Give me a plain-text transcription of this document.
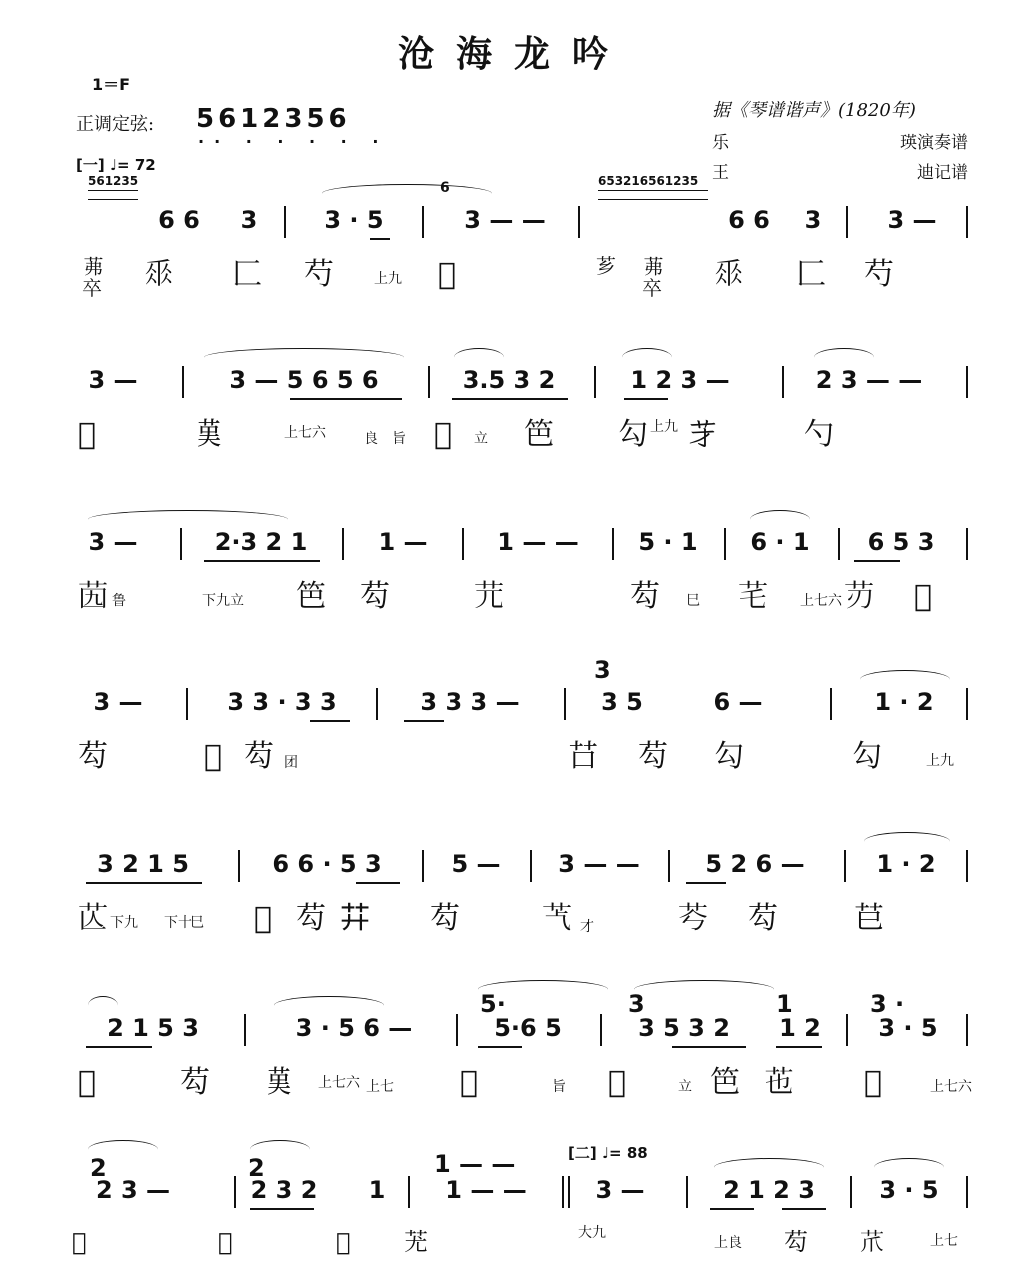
沧海龙吟
1＝F
正调定弦: 5612356
·· · · · · ·
据《琴谱谐声》(1820年)
乐	瑛演奏谱
王	迪记谱
[一] ♩= 72
[二] ♩= 88
561235	653216561235
6
3
5·	3	1	3 ·
2	2	1 — —
6 6	3	3 · 5	3 — —	6 6	3	3 —
茀
卒 𠂹 匚 芍	上九 𦬀	芗 茀
卒 𠂹 匚 芍
3 —	3 — 5 6 5 6	3.5 3 2	1 2 3 —	2 3 — —
𦬀	𦰩	上七六	良 旨 𦰧 立 笆 勾 上九 𦬁	勺
3 —	2·3 2 1	1 —	1 — —	5 · 1	6 · 1	6 5 3
𦭉 鲁	下九立 笆 芶	𦬂	芶 巳 𦬃 上七六 𦬄 𦬀
3 —	3 3 · 3 3	3 3 3 —	3 5	6 —	1 · 2
芶	𦬀 芶 团	𦬅 芶 勾	勾	上九
3 2 1 5	6 6 · 5 3	5 —	3 — —	5 2 6 —	1 · 2
𦬆 下九 下十
巳 𦬀 芶 𦬇 芶	𦬈 才	𦬉 芶	𦬊
2 1 5 3	3 · 5 6 —	5·6 5	3 5 3 2	1 2	3 · 5
𦬋	芶 𦰩 上七六 上七 𦬌	旨 𦬍	立 笆 𦬎 𦬏	上七六
2 3 —	2 3 2 1	1 — —	3 —	2 1 2 3	3 · 5
𦬐	𦬑	𦬒 𦬓	大九
上良 芶 𦬔	上七
